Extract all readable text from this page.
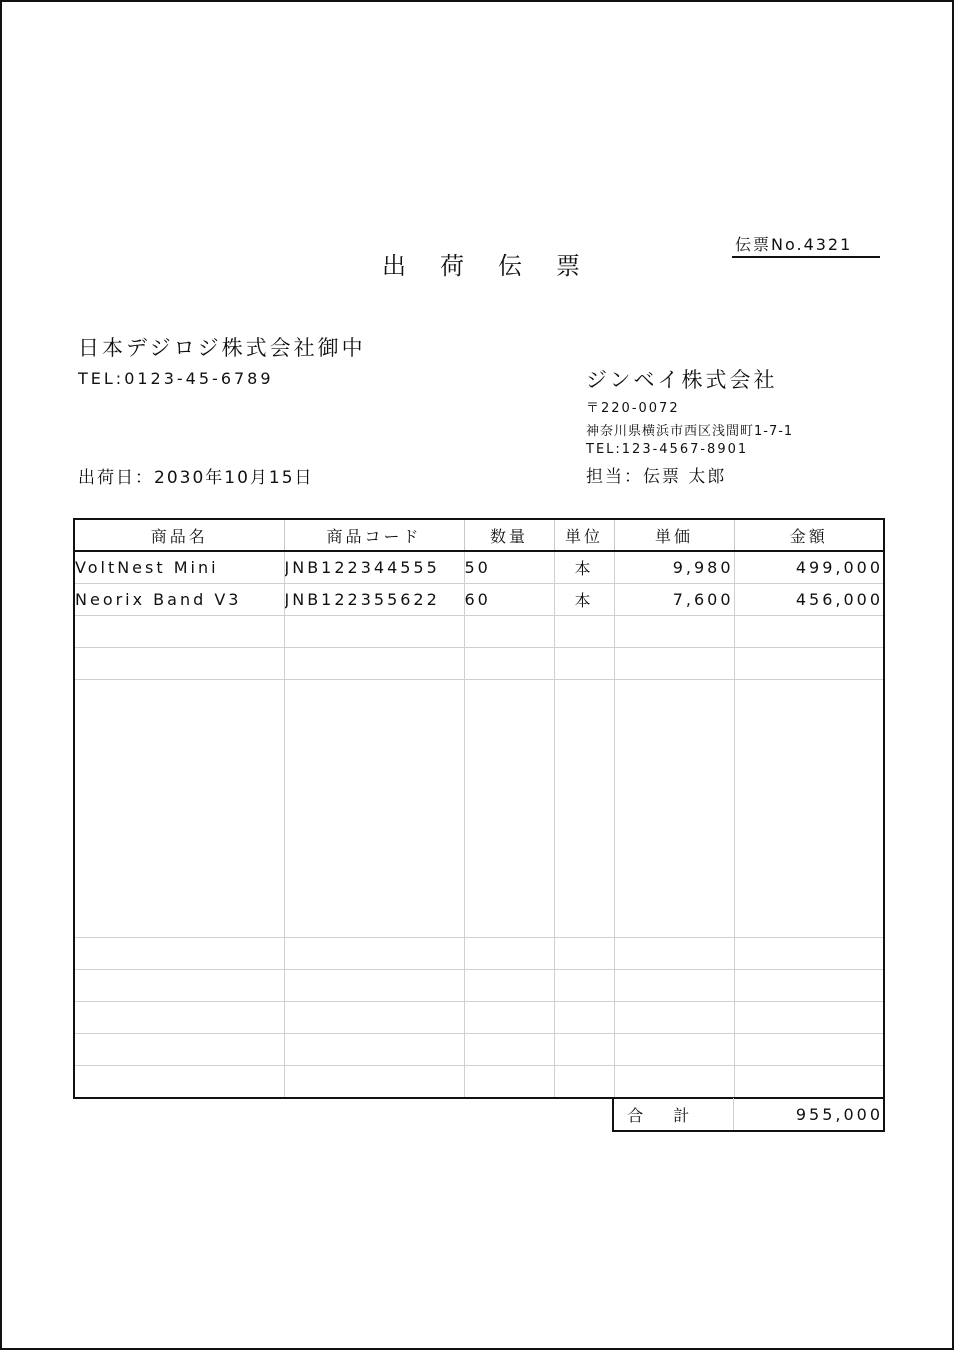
伝票No.4321
出荷伝票
日本デジロジ株式会社御中
TEL:0123-45-6789
出荷日：2030年10月15日
ジンベイ株式会社
〒220-0072
神奈川県横浜市西区浅間町1-7-1
TEL:123-4567-8901
担当：伝票 太郎
商品名	商品コード	数量	単位	単価	金額
VoltNest Mini	JNB122344555	50	本	9,980	499,000
Neorix Band V3	JNB122355622	60	本	7,600	456,000

合計	955,000
